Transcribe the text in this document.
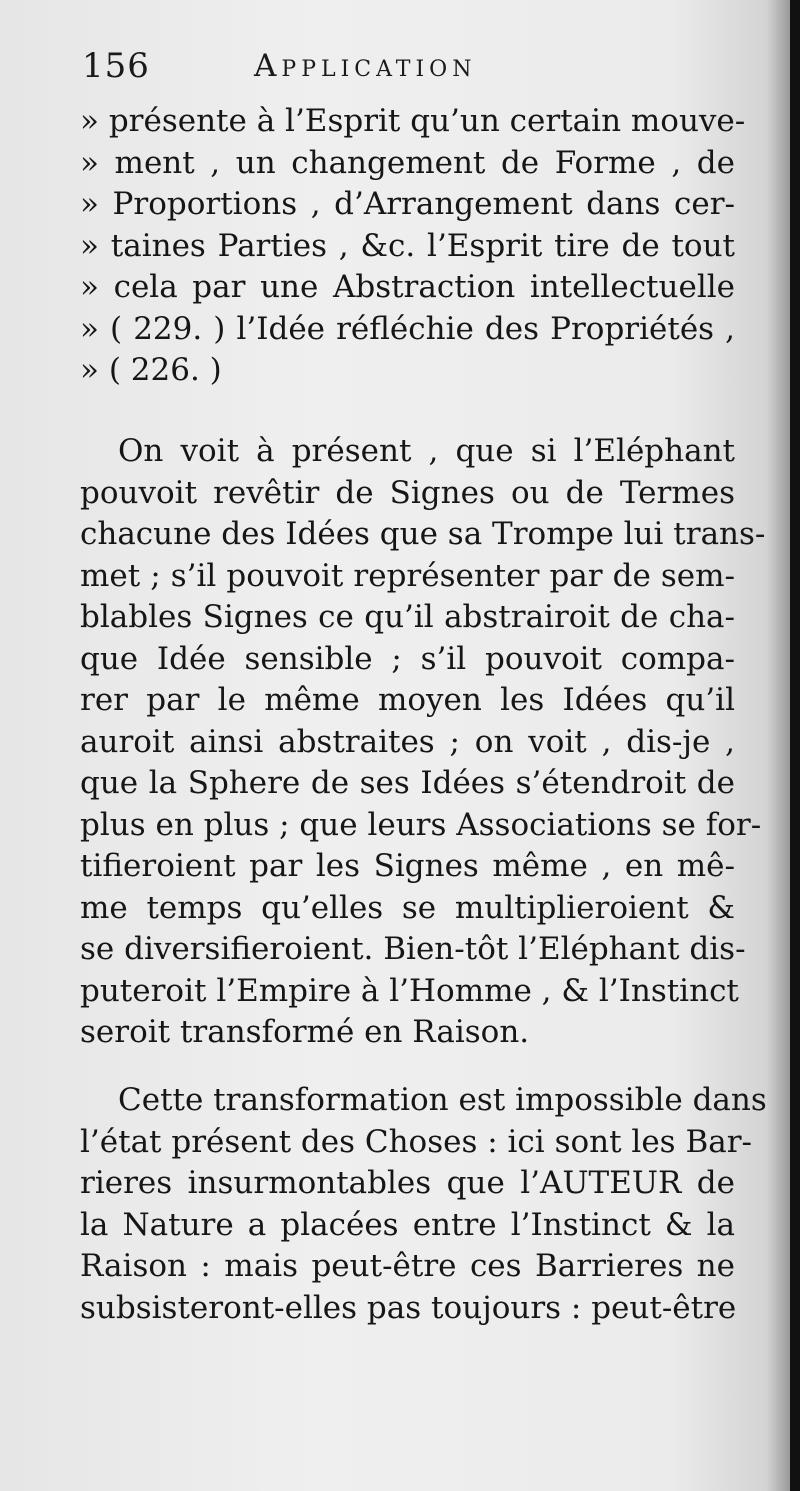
156	Application
» présente à l’Esprit qu’un certain mouve-
» ment , un changement de Forme , de
» Proportions , d’Arrangement dans cer-
» taines Parties , &c. l’Esprit tire de tout
» cela par une Abstraction intellectuelle
» ( 229. ) l’Idée réfléchie des Propriétés ,
» ( 226. )
On voit à présent , que si l’Eléphant
pouvoit revêtir de Signes ou de Termes
chacune des Idées que sa Trompe lui trans-
met ; s’il pouvoit représenter par de sem-
blables Signes ce qu’il abstrairoit de cha-
que Idée sensible ; s’il pouvoit compa-
rer par le même moyen les Idées qu’il
auroit ainsi abstraites ; on voit , dis-je ,
que la Sphere de ses Idées s’étendroit de
plus en plus ; que leurs Associations se for-
tifieroient par les Signes même , en mê-
me temps qu’elles se multiplieroient &
se diversifieroient. Bien-tôt l’Eléphant dis-
puteroit l’Empire à l’Homme , & l’Instinct
seroit transformé en Raison.
Cette transformation est impossible dans
l’état présent des Choses : ici sont les Bar-
rieres insurmontables que l’AUTEUR de
la Nature a placées entre l’Instinct & la
Raison : mais peut-être ces Barrieres ne
subsisteront-elles pas toujours : peut-être
